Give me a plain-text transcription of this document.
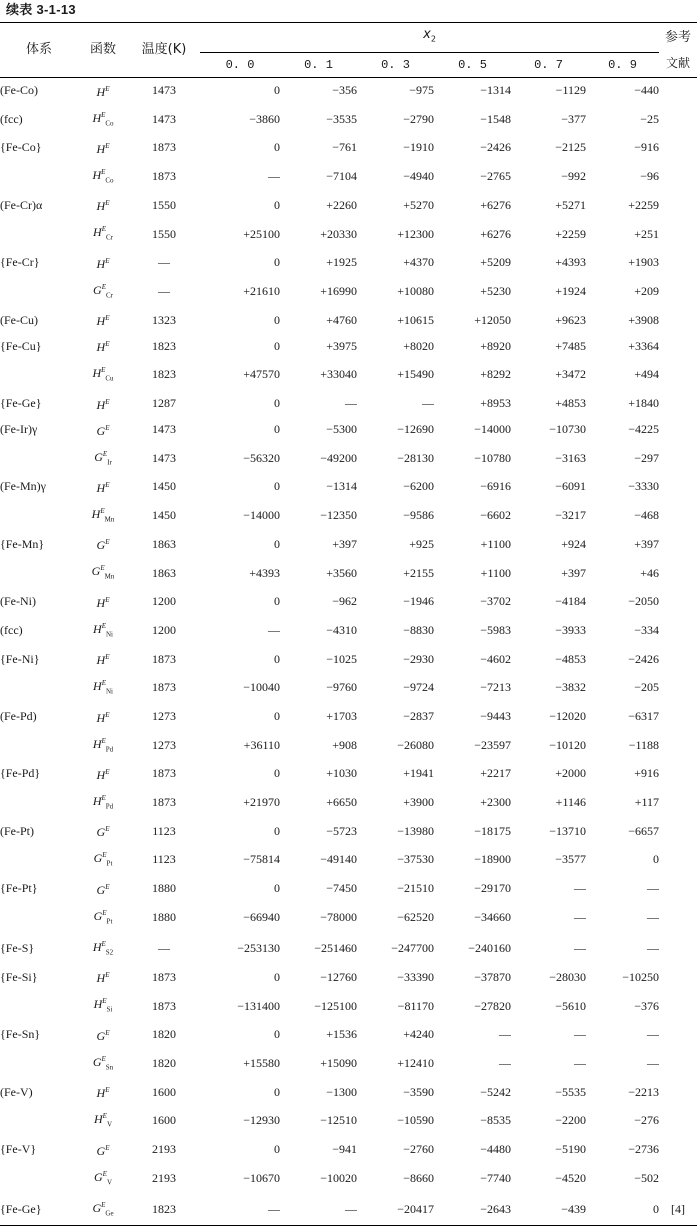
续表 3-1-13
体系	函数	温度(K)	$x_2$						参考
			0. 0	0. 1	0. 3	0. 5	0. 7	0. 9	文献
(Fe-Co)	$H^E$	1473	0	−356	−975	−1314	−1129	−440	
(fcc)	$H^E_{Co}$	1473	−3860	−3535	−2790	−1548	−377	−25	
{Fe-Co}	$H^E$	1873	0	−761	−1910	−2426	−2125	−916	
	$H^E_{Co}$	1873	—	−7104	−4940	−2765	−992	−96	
(Fe-Cr)α	$H^E$	1550	0	+2260	+5270	+6276	+5271	+2259	
	$H^E_{Cr}$	1550	+25100	+20330	+12300	+6276	+2259	+251	
{Fe-Cr}	$H^E$	—	0	+1925	+4370	+5209	+4393	+1903	
	$G^E_{Cr}$	—	+21610	+16990	+10080	+5230	+1924	+209	
(Fe-Cu)	$H^E$	1323	0	+4760	+10615	+12050	+9623	+3908	
{Fe-Cu}	$H^E$	1823	0	+3975	+8020	+8920	+7485	+3364	
	$H^E_{Cu}$	1823	+47570	+33040	+15490	+8292	+3472	+494	
{Fe-Ge}	$H^E$	1287	0	—	—	+8953	+4853	+1840	
(Fe-Ir)γ	$G^E$	1473	0	−5300	−12690	−14000	−10730	−4225	
	$G^E_{Ir}$	1473	−56320	−49200	−28130	−10780	−3163	−297	
(Fe-Mn)γ	$H^E$	1450	0	−1314	−6200	−6916	−6091	−3330	
	$H^E_{Mn}$	1450	−14000	−12350	−9586	−6602	−3217	−468	
{Fe-Mn}	$G^E$	1863	0	+397	+925	+1100	+924	+397	
	$G^E_{Mn}$	1863	+4393	+3560	+2155	+1100	+397	+46	
(Fe-Ni)	$H^E$	1200	0	−962	−1946	−3702	−4184	−2050	
(fcc)	$H^E_{Ni}$	1200	—	−4310	−8830	−5983	−3933	−334	
{Fe-Ni}	$H^E$	1873	0	−1025	−2930	−4602	−4853	−2426	
	$H^E_{Ni}$	1873	−10040	−9760	−9724	−7213	−3832	−205	
(Fe-Pd)	$H^E$	1273	0	+1703	−2837	−9443	−12020	−6317	
	$H^E_{Pd}$	1273	+36110	+908	−26080	−23597	−10120	−1188	
{Fe-Pd}	$H^E$	1873	0	+1030	+1941	+2217	+2000	+916	
	$H^E_{Pd}$	1873	+21970	+6650	+3900	+2300	+1146	+117	
(Fe-Pt)	$G^E$	1123	0	−5723	−13980	−18175	−13710	−6657	
	$G^E_{Pt}$	1123	−75814	−49140	−37530	−18900	−3577	0	
{Fe-Pt}	$G^E$	1880	0	−7450	−21510	−29170	—	—	
	$G^E_{Pt}$	1880	−66940	−78000	−62520	−34660	—	—	
{Fe-S}	$H^E_{S2}$	—	−253130	−251460	−247700	−240160	—	—	
{Fe-Si}	$H^E$	1873	0	−12760	−33390	−37870	−28030	−10250	
	$H^E_{Si}$	1873	−131400	−125100	−81170	−27820	−5610	−376	
{Fe-Sn}	$G^E$	1820	0	+1536	+4240	—	—	—	
	$G^E_{Sn}$	1820	+15580	+15090	+12410	—	—	—	
(Fe-V)	$H^E$	1600	0	−1300	−3590	−5242	−5535	−2213	
	$H^E_V$	1600	−12930	−12510	−10590	−8535	−2200	−276	
{Fe-V}	$G^E$	2193	0	−941	−2760	−4480	−5190	−2736	
	$G^E_V$	2193	−10670	−10020	−8660	−7740	−4520	−502	
{Fe-Ge}	$G^E_{Ge}$	1823	—	—	−20417	−2643	−439	0	[4]
